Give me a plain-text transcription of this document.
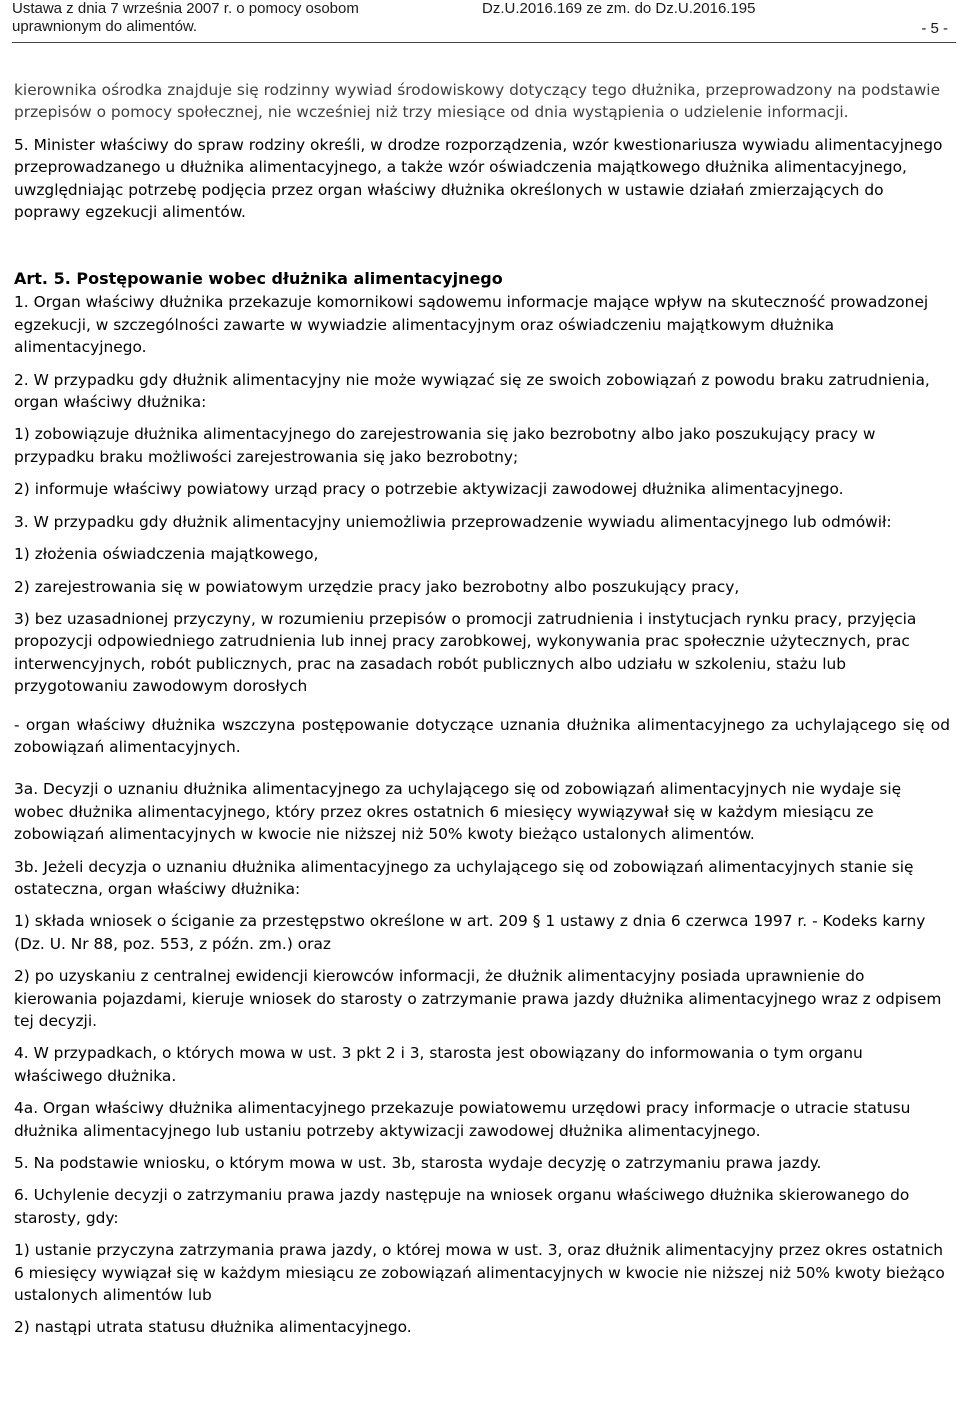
Ustawa z dnia 7 września 2007 r. o pomocy osobom uprawnionym do alimentów.
Dz.U.2016.169 ze zm. do Dz.U.2016.195
- 5 -

kierownika ośrodka znajduje się rodzinny wywiad środowiskowy dotyczący tego dłużnika, przeprowadzony na podstawie przepisów o pomocy społecznej, nie wcześniej niż trzy miesiące od dnia wystąpienia o udzielenie informacji.

5. Minister właściwy do spraw rodziny określi, w drodze rozporządzenia, wzór kwestionariusza wywiadu alimentacyjnego przeprowadzanego u dłużnika alimentacyjnego, a także wzór oświadczenia majątkowego dłużnika alimentacyjnego, uwzględniając potrzebę podjęcia przez organ właściwy dłużnika określonych w ustawie działań zmierzających do poprawy egzekucji alimentów.

Art. 5. Postępowanie wobec dłużnika alimentacyjnego

1. Organ właściwy dłużnika przekazuje komornikowi sądowemu informacje mające wpływ na skuteczność prowadzonej egzekucji, w szczególności zawarte w wywiadzie alimentacyjnym oraz oświadczeniu majątkowym dłużnika alimentacyjnego.

2. W przypadku gdy dłużnik alimentacyjny nie może wywiązać się ze swoich zobowiązań z powodu braku zatrudnienia, organ właściwy dłużnika:

1) zobowiązuje dłużnika alimentacyjnego do zarejestrowania się jako bezrobotny albo jako poszukujący pracy w przypadku braku możliwości zarejestrowania się jako bezrobotny;

2) informuje właściwy powiatowy urząd pracy o potrzebie aktywizacji zawodowej dłużnika alimentacyjnego.

3. W przypadku gdy dłużnik alimentacyjny uniemożliwia przeprowadzenie wywiadu alimentacyjnego lub odmówił:

1) złożenia oświadczenia majątkowego,

2) zarejestrowania się w powiatowym urzędzie pracy jako bezrobotny albo poszukujący pracy,

3) bez uzasadnionej przyczyny, w rozumieniu przepisów o promocji zatrudnienia i instytucjach rynku pracy, przyjęcia propozycji odpowiedniego zatrudnienia lub innej pracy zarobkowej, wykonywania prac społecznie użytecznych, prac interwencyjnych, robót publicznych, prac na zasadach robót publicznych albo udziału w szkoleniu, stażu lub przygotowaniu zawodowym dorosłych

- organ właściwy dłużnika wszczyna postępowanie dotyczące uznania dłużnika alimentacyjnego za uchylającego się od zobowiązań alimentacyjnych.

3a. Decyzji o uznaniu dłużnika alimentacyjnego za uchylającego się od zobowiązań alimentacyjnych nie wydaje się wobec dłużnika alimentacyjnego, który przez okres ostatnich 6 miesięcy wywiązywał się w każdym miesiącu ze zobowiązań alimentacyjnych w kwocie nie niższej niż 50% kwoty bieżąco ustalonych alimentów.

3b. Jeżeli decyzja o uznaniu dłużnika alimentacyjnego za uchylającego się od zobowiązań alimentacyjnych stanie się ostateczna, organ właściwy dłużnika:

1) składa wniosek o ściganie za przestępstwo określone w art. 209 § 1 ustawy z dnia 6 czerwca 1997 r. - Kodeks karny (Dz. U. Nr 88, poz. 553, z późn. zm.) oraz

2) po uzyskaniu z centralnej ewidencji kierowców informacji, że dłużnik alimentacyjny posiada uprawnienie do kierowania pojazdami, kieruje wniosek do starosty o zatrzymanie prawa jazdy dłużnika alimentacyjnego wraz z odpisem tej decyzji.

4. W przypadkach, o których mowa w ust. 3 pkt 2 i 3, starosta jest obowiązany do informowania o tym organu właściwego dłużnika.

4a. Organ właściwy dłużnika alimentacyjnego przekazuje powiatowemu urzędowi pracy informacje o utracie statusu dłużnika alimentacyjnego lub ustaniu potrzeby aktywizacji zawodowej dłużnika alimentacyjnego.

5. Na podstawie wniosku, o którym mowa w ust. 3b, starosta wydaje decyzję o zatrzymaniu prawa jazdy.

6. Uchylenie decyzji o zatrzymaniu prawa jazdy następuje na wniosek organu właściwego dłużnika skierowanego do starosty, gdy:

1) ustanie przyczyna zatrzymania prawa jazdy, o której mowa w ust. 3, oraz dłużnik alimentacyjny przez okres ostatnich 6 miesięcy wywiązał się w każdym miesiącu ze zobowiązań alimentacyjnych w kwocie nie niższej niż 50% kwoty bieżąco ustalonych alimentów lub

2) nastąpi utrata statusu dłużnika alimentacyjnego.
